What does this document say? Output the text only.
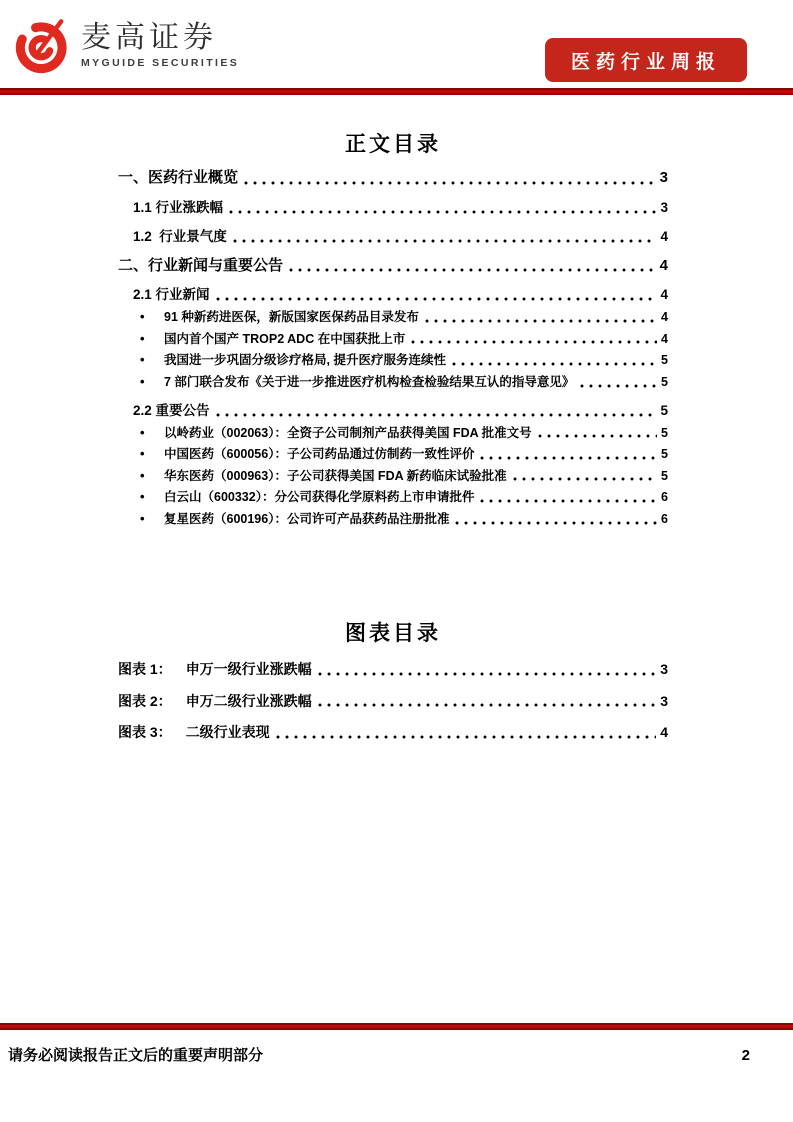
麦高证券
MYGUIDE SECURITIES	医药行业周报
正文目录
一、医药行业概览	3
1.1 行业涨跌幅	3
1.2  行业景气度	4
二、行业新闻与重要公告	4
2.1 行业新闻	4
• 91 种新药进医保，新版国家医保药品目录发布	4
• 国内首个国产 TROP2 ADC 在中国获批上市	4
• 我国进一步巩固分级诊疗格局, 提升医疗服务连续性	5
• 7 部门联合发布《关于进一步推进医疗机构检查检验结果互认的指导意见》	5
2.2 重要公告	5
• 以岭药业（002063）：全资子公司制剂产品获得美国 FDA 批准文号	5
• 中国医药（600056）：子公司药品通过仿制药一致性评价	5
• 华东医药（000963）：子公司获得美国 FDA 新药临床试验批准	5
• 白云山（600332）：分公司获得化学原料药上市申请批件	6
• 复星医药（600196）：公司许可产品获药品注册批准	6
图表目录
图表 1： 申万一级行业涨跌幅	3
图表 2： 申万二级行业涨跌幅	3
图表 3： 二级行业表现	4
请务必阅读报告正文后的重要声明部分	2
